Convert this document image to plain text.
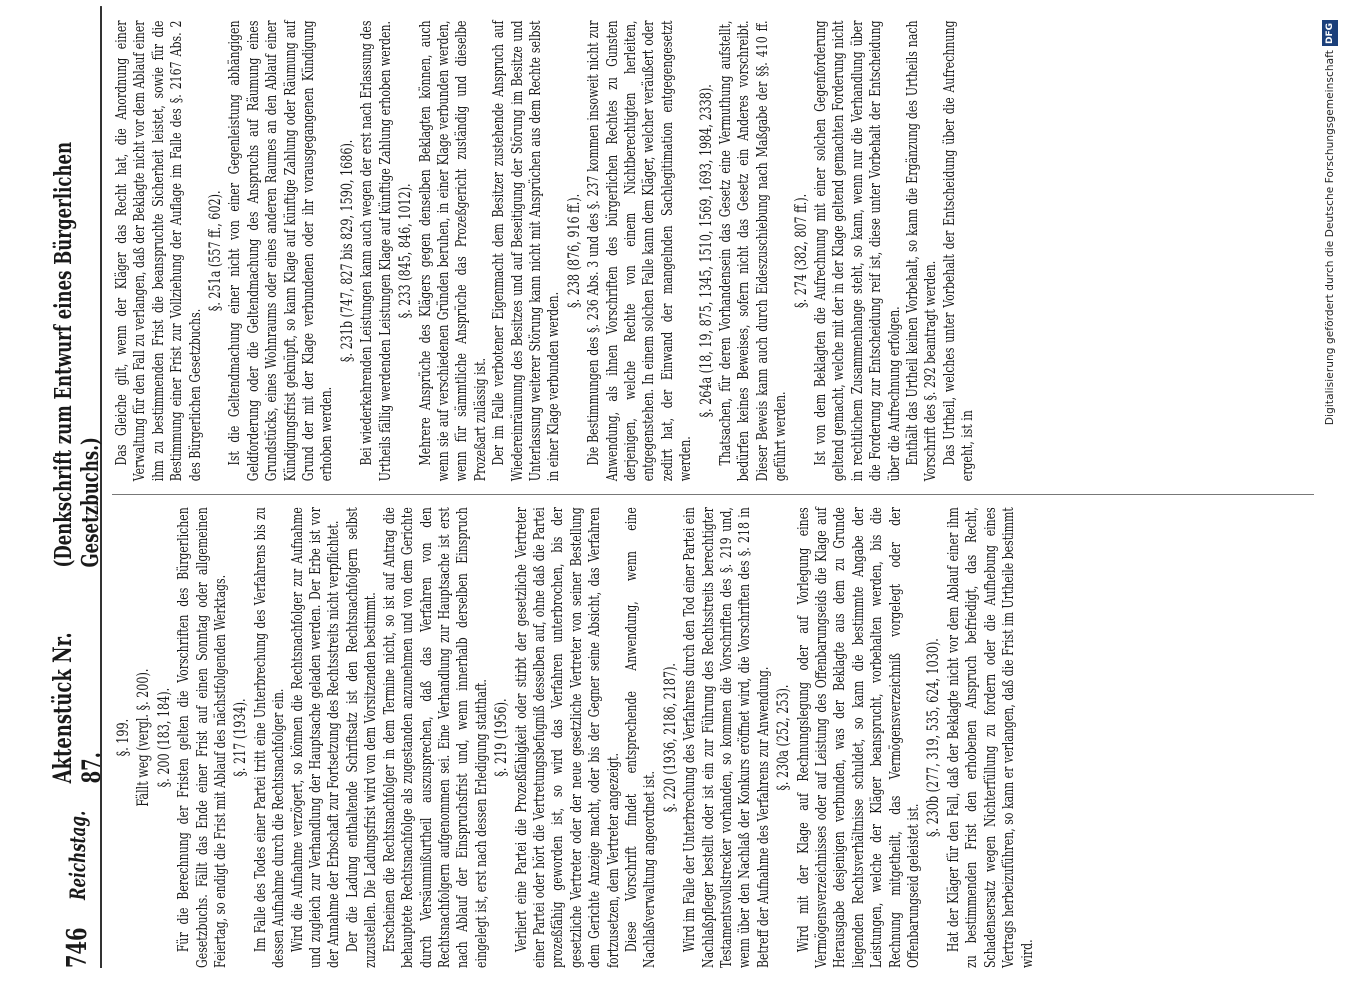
746
Reichstag.
Aktenstück Nr. 87.
(Denkschrift zum Entwurf eines Bürgerlichen Gesetzbuchs.)
§. 199. Fällt weg (vergl. §. 200). §. 200 (183, 184). Für die Berechnung der Fristen gelten die Vorschriften des Bürgerlichen Gesetzbuchs. Fällt das Ende einer Frist auf einen Sonntag oder allgemeinen Feiertag, so endigt die Frist mit Ablauf des nächstfolgenden Werktags. §. 217 (1934). Im Falle des Todes einer Partei tritt eine Unterbrechung des Verfahrens bis zu dessen Aufnahme durch die Rechtsnachfolger ein. Wird die Aufnahme verzögert, so können die Rechtsnachfolger zur Aufnahme und zugleich zur Verhandlung der Hauptsache geladen werden. Der Erbe ist vor der Annahme der Erbschaft zur Fortsetzung des Rechtsstreits nicht verpflichtet. Der die Ladung enthaltende Schriftsatz ist den Rechtsnachfolgern selbst zuzustellen. Die Ladungsfrist wird von dem Vorsitzenden bestimmt. Erscheinen die Rechtsnachfolger in dem Termine nicht, so ist auf Antrag die behauptete Rechtsnachfolge als zugestanden anzunehmen und von dem Gerichte durch Versäumnißurtheil auszusprechen, daß das Verfahren von den Rechtsnachfolgern aufgenommen sei. Eine Verhandlung zur Hauptsache ist erst nach Ablauf der Einspruchsfrist und, wenn innerhalb derselben Einspruch eingelegt ist, erst nach dessen Erledigung statthaft. §. 219 (1956). Verliert eine Partei die Prozeßfähigkeit oder stirbt der gesetzliche Vertreter einer Partei oder hört die Vertretungsbefugniß desselben auf, ohne daß die Partei prozeßfähig geworden ist, so wird das Verfahren unterbrochen, bis der gesetzliche Vertreter oder der neue gesetzliche Vertreter von seiner Bestellung dem Gerichte Anzeige macht, oder bis der Gegner seine Absicht, das Verfahren fortzusetzen, dem Vertreter angezeigt. Diese Vorschrift findet entsprechende Anwendung, wenn eine Nachlaßverwaltung angeordnet ist.

§. 220 (1936, 2186, 2187). Wird im Falle der Unterbrechung des Verfahrens durch den Tod einer Partei ein Nachlaßpfleger bestellt oder ist ein zur Führung des Rechtsstreits berechtigter Testamentsvollstrecker vorhanden, so kommen die Vorschriften des §. 219 und, wenn über den Nachlaß der Konkurs eröffnet wird, die Vorschriften des §. 218 in Betreff der Aufnahme des Verfahrens zur Anwendung. §. 230a (252, 253). Wird mit der Klage auf Rechnungslegung oder auf Vorlegung eines Vermögensverzeichnisses oder auf Leistung des Offenbarungseids die Klage auf Herausgabe desjenigen verbunden, was der Beklagte aus dem zu Grunde liegenden Rechtsverhältnisse schuldet, so kann die bestimmte Angabe der Leistungen, welche der Kläger beansprucht, vorbehalten werden, bis die Rechnung mitgetheilt, das Vermögensverzeichniß vorgelegt oder der Offenbarungseid geleistet ist.

§. 230b (277, 319, 535, 624, 1030). Hat der Kläger für den Fall, daß der Beklagte nicht vor dem Ablauf einer ihm zu bestimmenden Frist den erhobenen Anspruch befriedigt, das Recht, Schadensersatz wegen Nichterfüllung zu fordern oder die Aufhebung eines Vertrags herbeizuführen, so kann er verlangen, daß die Frist im Urtheile bestimmt wird.

Das Gleiche gilt, wenn der Kläger das Recht hat, die Anordnung einer Verwaltung für den Fall zu verlangen, daß der Beklagte nicht vor dem Ablauf einer ihm zu bestimmenden Frist die beanspruchte Sicherheit leistet, sowie für die Bestimmung einer Frist zur Vollziehung der Auflage im Falle des §. 2167 Abs. 2 des Bürgerlichen Gesetzbuchs.

§. 251a (557 ff., 602). Ist die Geltendmachung einer nicht von einer Gegenleistung abhängigen Geldforderung oder die Geltendmachung des Anspruchs auf Räumung eines Grundstücks, eines Wohnraums oder eines anderen Raumes an den Ablauf einer Kündigungsfrist geknüpft, so kann Klage auf künftige Zahlung oder Räumung auf Grund der mit der Klage verbundenen oder ihr vorausgegangenen Kündigung erhoben werden.

§. 231b (747, 827 bis 829, 1590, 1686). Bei wiederkehrenden Leistungen kann auch wegen der erst nach Erlassung des Urtheils fällig werdenden Leistungen Klage auf künftige Zahlung erhoben werden. §. 233 (845, 846, 1012). Mehrere Ansprüche des Klägers gegen denselben Beklagten können, auch wenn sie auf verschiedenen Gründen beruhen, in einer Klage verbunden werden, wenn für sämmtliche Ansprüche das Prozeßgericht zuständig und dieselbe Prozeßart zulässig ist. Der im Falle verbotener Eigenmacht dem Besitzer zustehende Anspruch auf Wiedereinräumung des Besitzes und auf Beseitigung der Störung im Besitze und Unterlassung weiterer Störung kann nicht mit Ansprüchen aus dem Rechte selbst in einer Klage verbunden werden.

§. 238 (876, 916 ff.). Die Bestimmungen des §. 236 Abs. 3 und des §. 237 kommen insoweit nicht zur Anwendung, als ihnen Vorschriften des bürgerlichen Rechtes zu Gunsten derjenigen, welche Rechte von einem Nichtberechtigten herleiten, entgegenstehen. In einem solchen Falle kann dem Kläger, welcher veräußert oder zedirt hat, der Einwand der mangelnden Sachlegitimation entgegengesetzt werden.

§. 264a (18, 19, 875, 1345, 1510, 1569, 1693, 1984, 2338). Thatsachen, für deren Vorhandensein das Gesetz eine Vermuthung aufstellt, bedürfen keines Beweises, sofern nicht das Gesetz ein Anderes vorschreibt. Dieser Beweis kann auch durch Eideszuschiebung nach Maßgabe der §§. 410 ff. geführt werden.

§. 274 (382, 807 ff.). Ist von dem Beklagten die Aufrechnung mit einer solchen Gegenforderung geltend gemacht, welche mit der in der Klage geltend gemachten Forderung nicht in rechtlichem Zusammenhange steht, so kann, wenn nur die Verhandlung über die Forderung zur Entscheidung reif ist, diese unter Vorbehalt der Entscheidung über die Aufrechnung erfolgen. Enthält das Urtheil keinen Vorbehalt, so kann die Ergänzung des Urtheils nach Vorschrift des §. 292 beantragt werden. Das Urtheil, welches unter Vorbehalt der Entscheidung über die Aufrechnung ergeht, ist in

DFG
Digitalisierung gefördert durch die Deutsche Forschungsgemeinschaft
